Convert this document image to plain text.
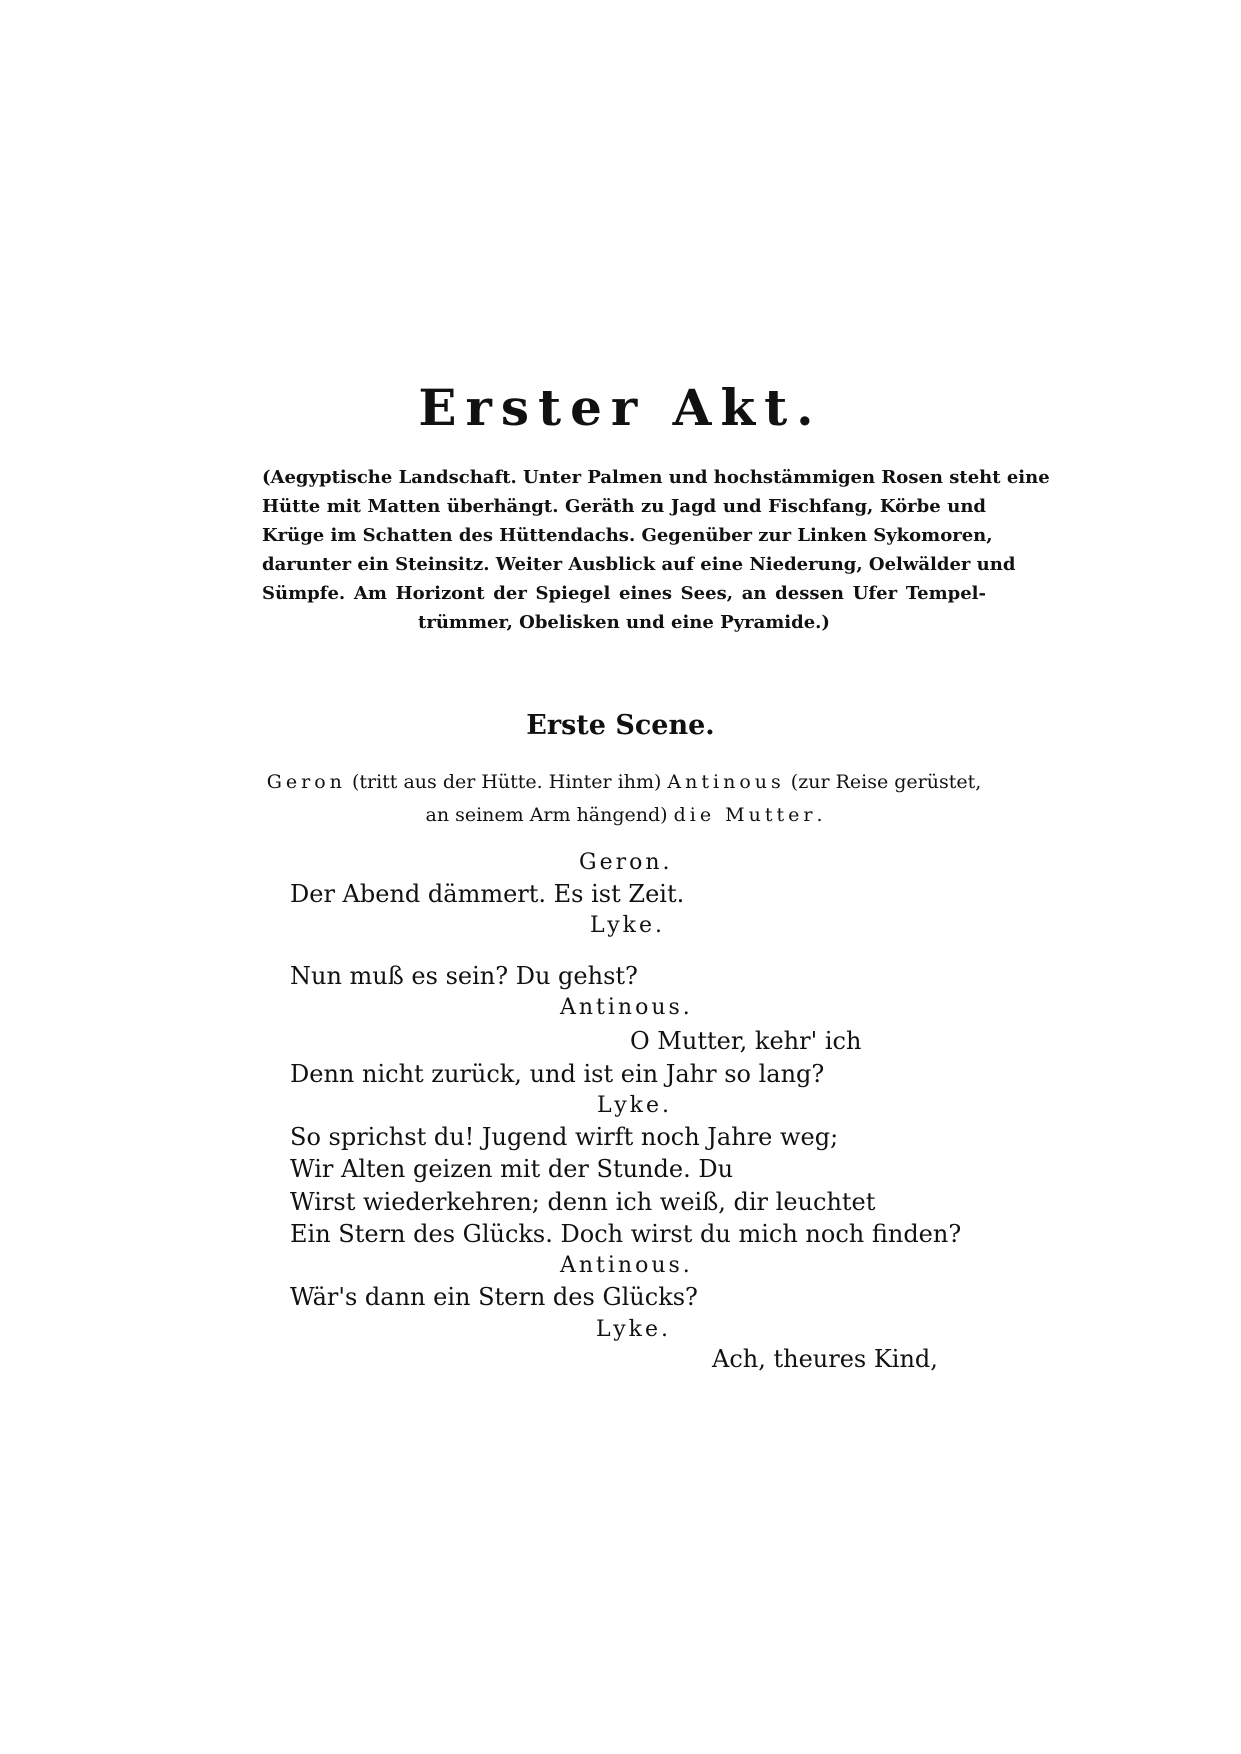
Erster Akt.
(Aegyptische Landschaft. Unter Palmen und hochstämmigen Rosen steht eine
Hütte mit Matten überhängt. Geräth zu Jagd und Fischfang, Körbe und
Krüge im Schatten des Hüttendachs. Gegenüber zur Linken Sykomoren,
darunter ein Steinsitz. Weiter Ausblick auf eine Niederung, Oelwälder und
Sümpfe. Am Horizont der Spiegel eines Sees, an dessen Ufer Tempel-
trümmer, Obelisken und eine Pyramide.)
Erste Scene.
Geron (tritt aus der Hütte. Hinter ihm) Antinous (zur Reise gerüstet,
an seinem Arm hängend) die Mutter.
Geron.
Der Abend dämmert. Es ist Zeit.
Lyke.
Nun muß es sein? Du gehst?
Antinous.
O Mutter, kehr' ich
Denn nicht zurück, und ist ein Jahr so lang?
Lyke.
So sprichst du! Jugend wirft noch Jahre weg;
Wir Alten geizen mit der Stunde. Du
Wirst wiederkehren; denn ich weiß, dir leuchtet
Ein Stern des Glücks. Doch wirst du mich noch finden?
Antinous.
Wär's dann ein Stern des Glücks?
Lyke.
Ach, theures Kind,
